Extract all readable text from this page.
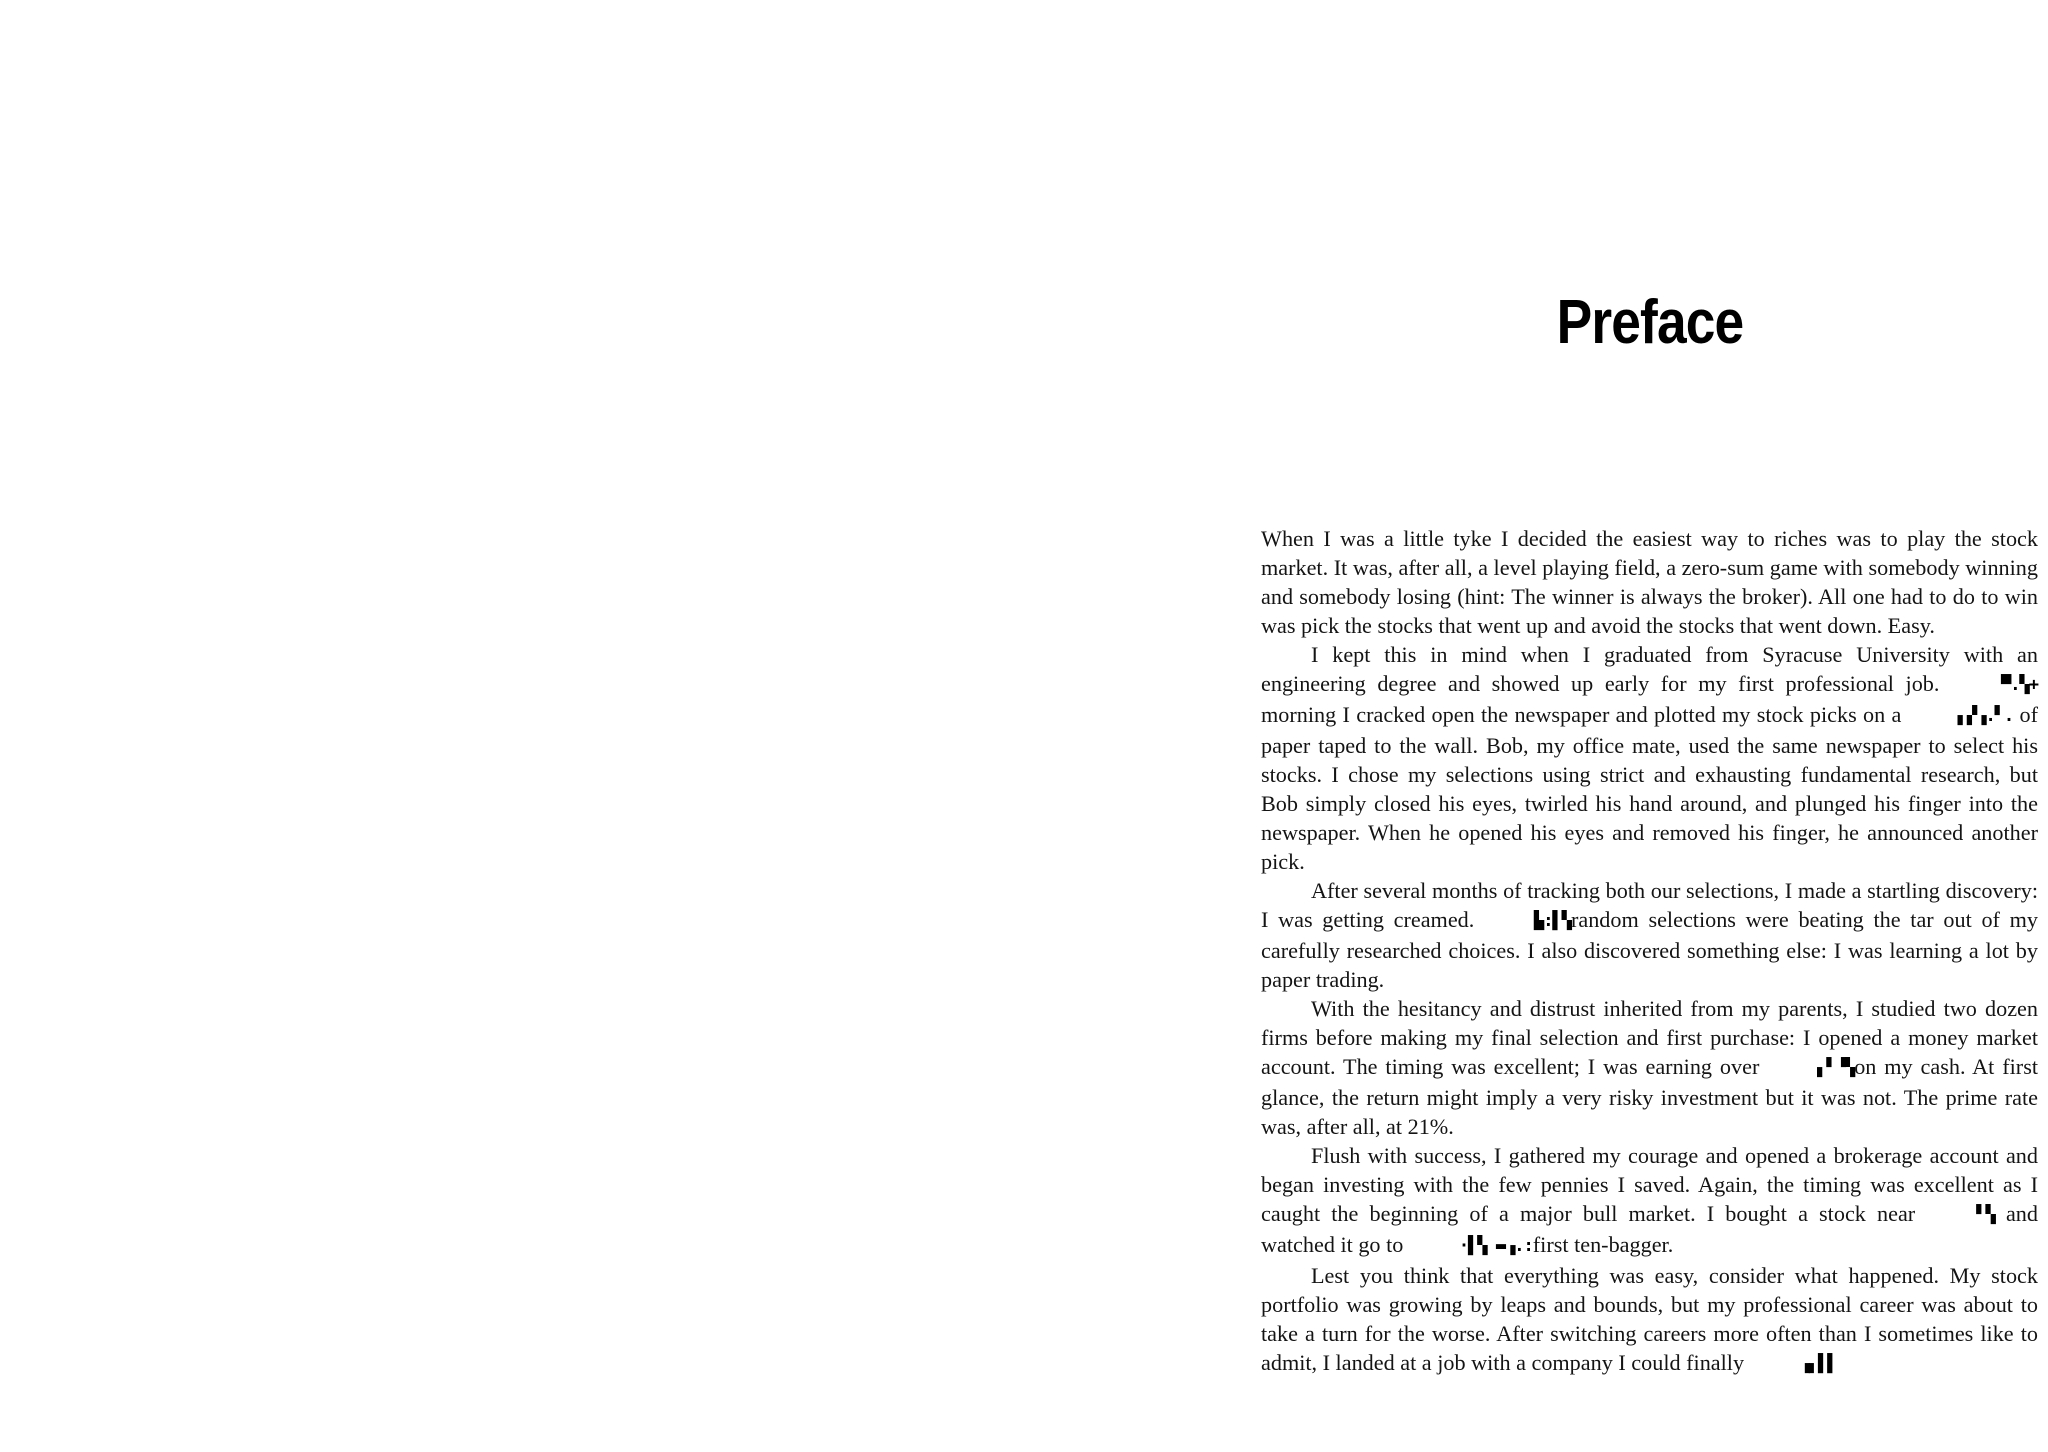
Preface

When I was a little tyke I decided the easiest way to riches was to play the stock market. It was, after all, a level playing field, a zero-sum game with somebody winning and somebody losing (hint: The winner is always the broker). All one had to do to win was pick the stocks that went up and avoid the stocks that went down. Easy.

I kept this in mind when I graduated from Syracuse University with an engineering degree and showed up early for my first professional job.	▀.▚+ morning I cracked open the newspaper and plotted my stock picks on a	▖▞▗.▘. of paper taped to the wall. Bob, my office mate, used the same newspaper to select his stocks. I chose my selections using strict and exhausting fundamental research, but Bob simply closed his eyes, twirled his hand around, and plunged his finger into the newspaper. When he opened his eyes and removed his finger, he announced another pick.

After several months of tracking both our selections, I made a startling discovery: I was getting creamed.	▙:▌▚random selections were beating the tar out of my carefully researched choices. I also discovered something else: I was learning a lot by paper trading.

With the hesitancy and distrust inherited from my parents, I studied two dozen firms before making my final selection and first purchase: I opened a money market account. The timing was excellent; I was earning over	▖▘▝▚on my cash. At first glance, the return might imply a very risky investment but it was not. The prime rate was, after all, at 21%.

Flush with success, I gathered my courage and opened a brokerage account and began investing with the few pennies I saved. Again, the timing was excellent as I caught the beginning of a major bull market. I bought a stock near	▘▚ and watched it go to	·▌▚ ▬▗.:first ten-bagger.

Lest you think that everything was easy, consider what happened. My stock portfolio was growing by leaps and bounds, but my professional career was about to take a turn for the worse. After switching careers more often than I sometimes like to admit, I landed at a job with a company I could finally	▗▖▌▌
